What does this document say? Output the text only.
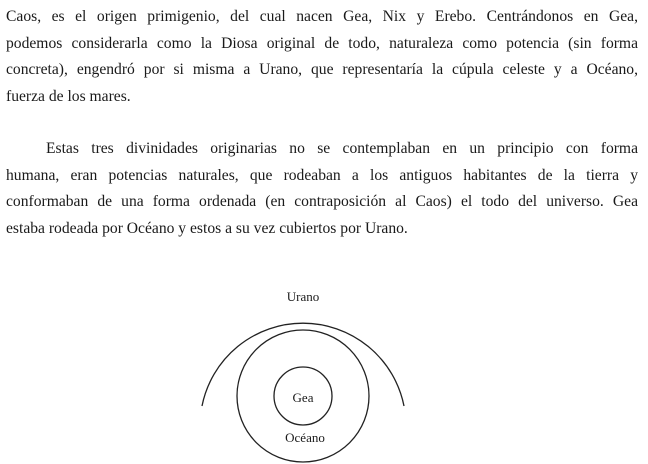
Caos, es el origen primigenio, del cual nacen Gea, Nix y Erebo. Centrándonos en Gea,
podemos considerarla como la Diosa original de todo, naturaleza como potencia (sin forma
concreta), engendró por si misma a Urano, que representaría la cúpula celeste y a Océano,
fuerza de los mares.

Estas tres divinidades originarias no se contemplaban en un principio con forma
humana, eran potencias naturales, que rodeaban a los antiguos habitantes de la tierra y
conformaban de una forma ordenada (en contraposición al Caos) el todo del universo. Gea
estaba rodeada por Océano y estos a su vez cubiertos por Urano.

Urano
Gea
Océano
